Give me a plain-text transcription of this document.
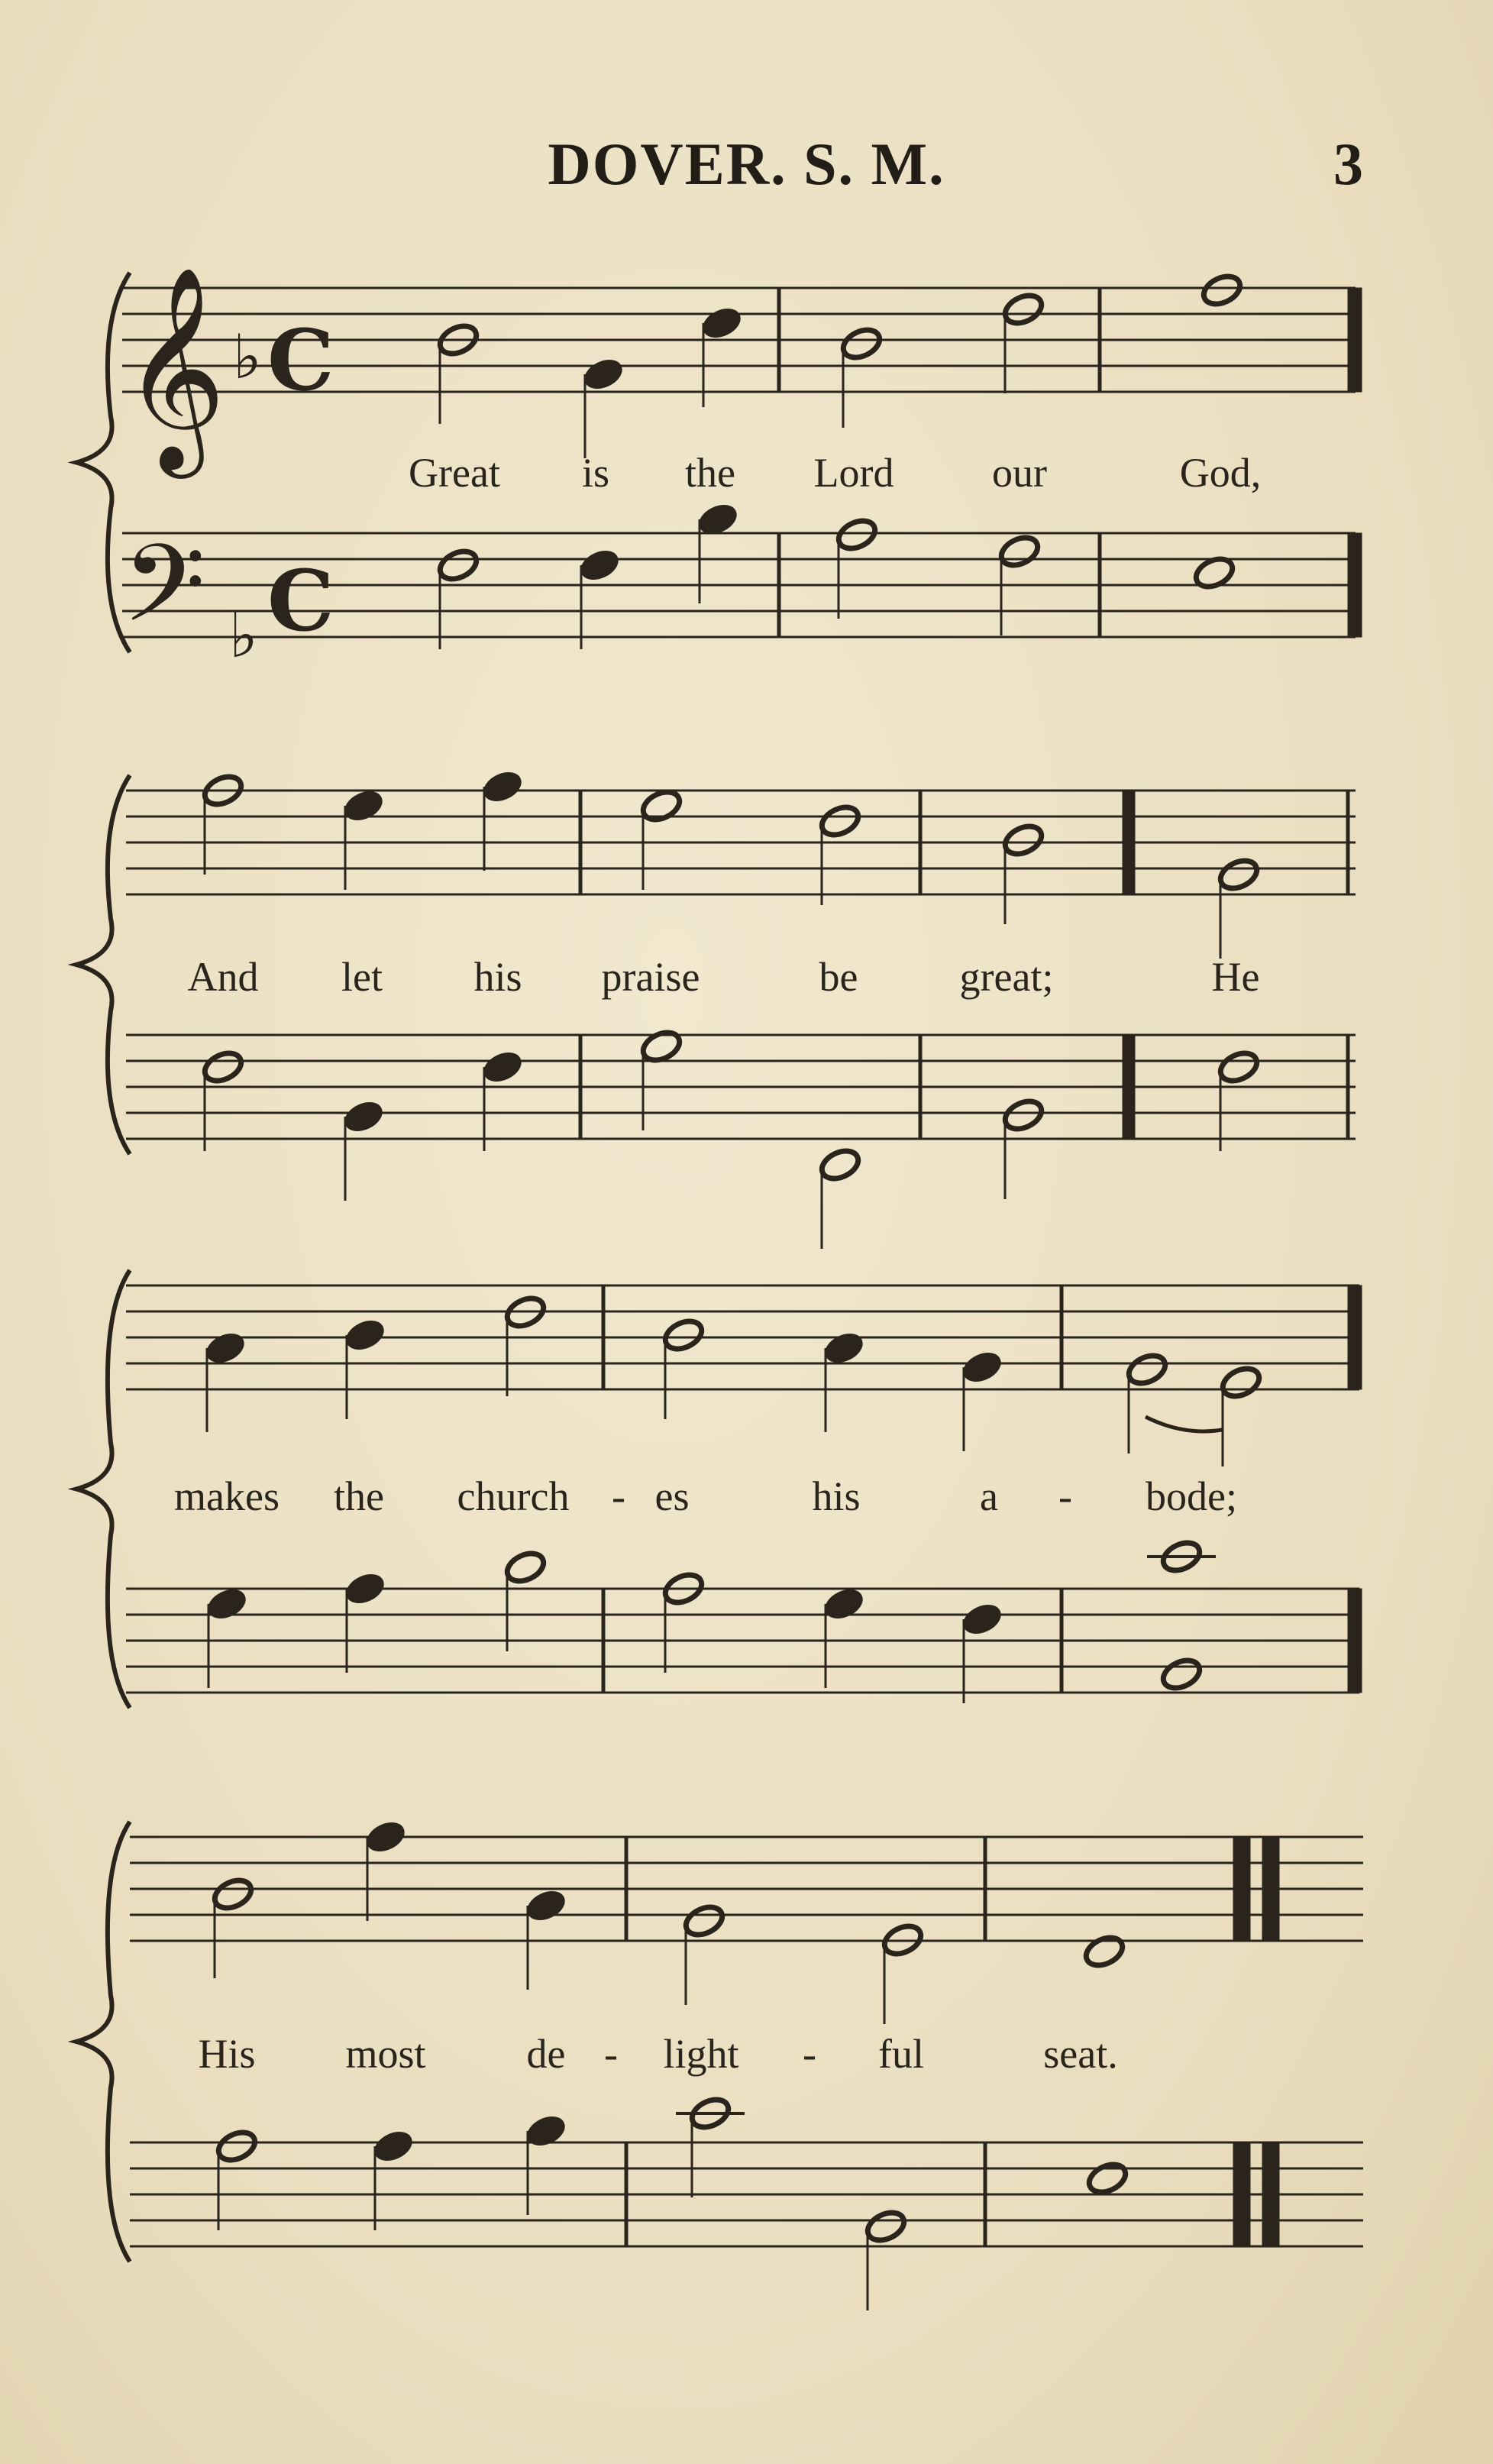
DOVER. S. M.	3
𝄞 ♭ C
𝄢 ♭ C
Great is the Lord our	God,
And let his praise	be great;	He
makes the church - es	his	a - bode;
His most de - light - ful	seat.
